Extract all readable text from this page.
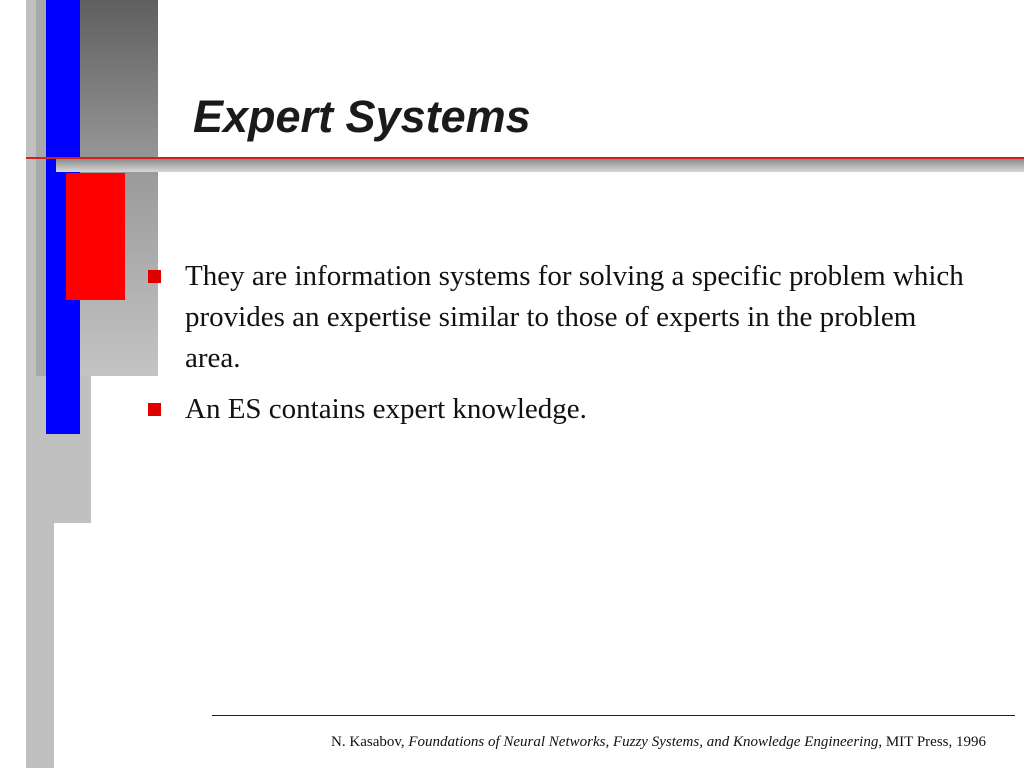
Expert Systems
They are information systems for solving a specific problem which provides an expertise similar to those of experts in the problem area.
An ES contains expert knowledge.
N. Kasabov, Foundations of Neural Networks, Fuzzy Systems, and Knowledge Engineering, MIT Press, 1996
